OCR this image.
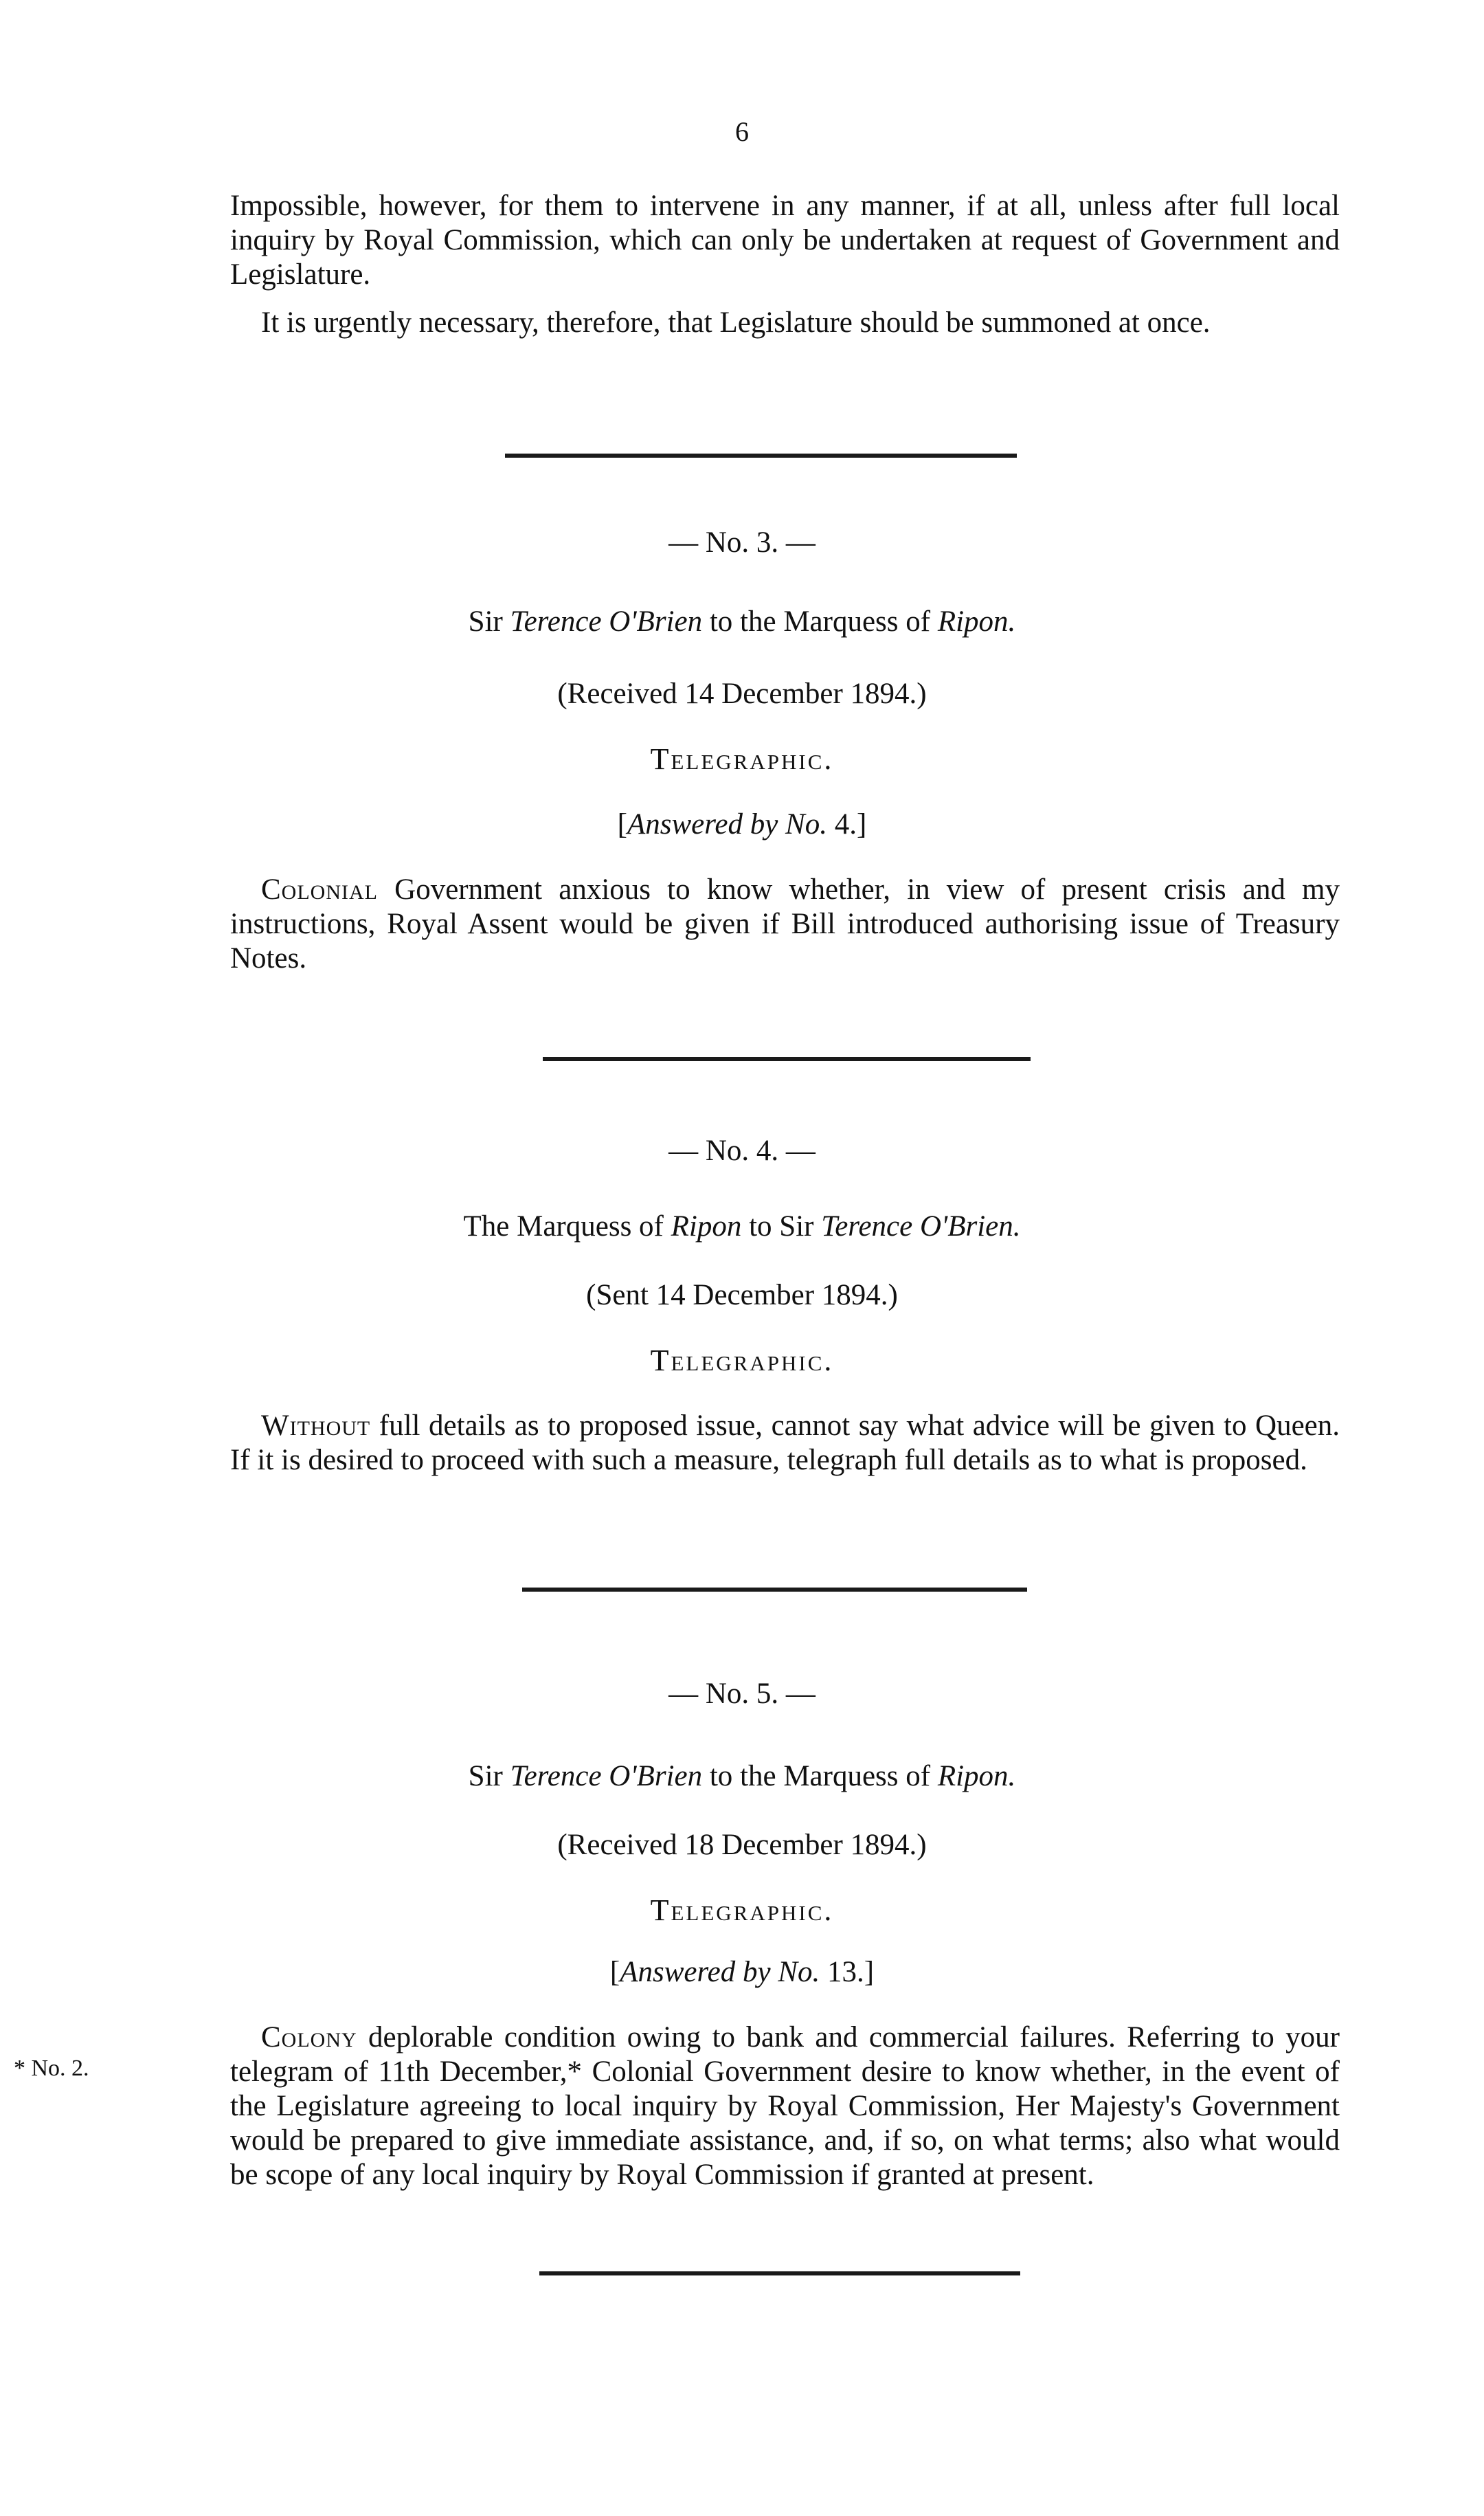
6

Impossible, however, for them to intervene in any manner, if at all, unless after full local inquiry by Royal Commission, which can only be undertaken at request of Government and Legislature.

It is urgently necessary, therefore, that Legislature should be summoned at once.

— No. 3. —

Sir Terence O'Brien to the Marquess of Ripon.

(Received 14 December 1894.)

Telegraphic.

[Answered by No. 4.]

Colonial Government anxious to know whether, in view of present crisis and my instructions, Royal Assent would be given if Bill introduced authorising issue of Treasury Notes.

— No. 4. —

The Marquess of Ripon to Sir Terence O'Brien.

(Sent 14 December 1894.)

Telegraphic.

Without full details as to proposed issue, cannot say what advice will be given to Queen. If it is desired to proceed with such a measure, telegraph full details as to what is proposed.

— No. 5. —

Sir Terence O'Brien to the Marquess of Ripon.

(Received 18 December 1894.)

Telegraphic.

[Answered by No. 13.]

* No. 2.

Colony deplorable condition owing to bank and commercial failures. Referring to your telegram of 11th December,* Colonial Government desire to know whether, in the event of the Legislature agreeing to local inquiry by Royal Commission, Her Majesty's Government would be prepared to give immediate assistance, and, if so, on what terms; also what would be scope of any local inquiry by Royal Commission if granted at present.
